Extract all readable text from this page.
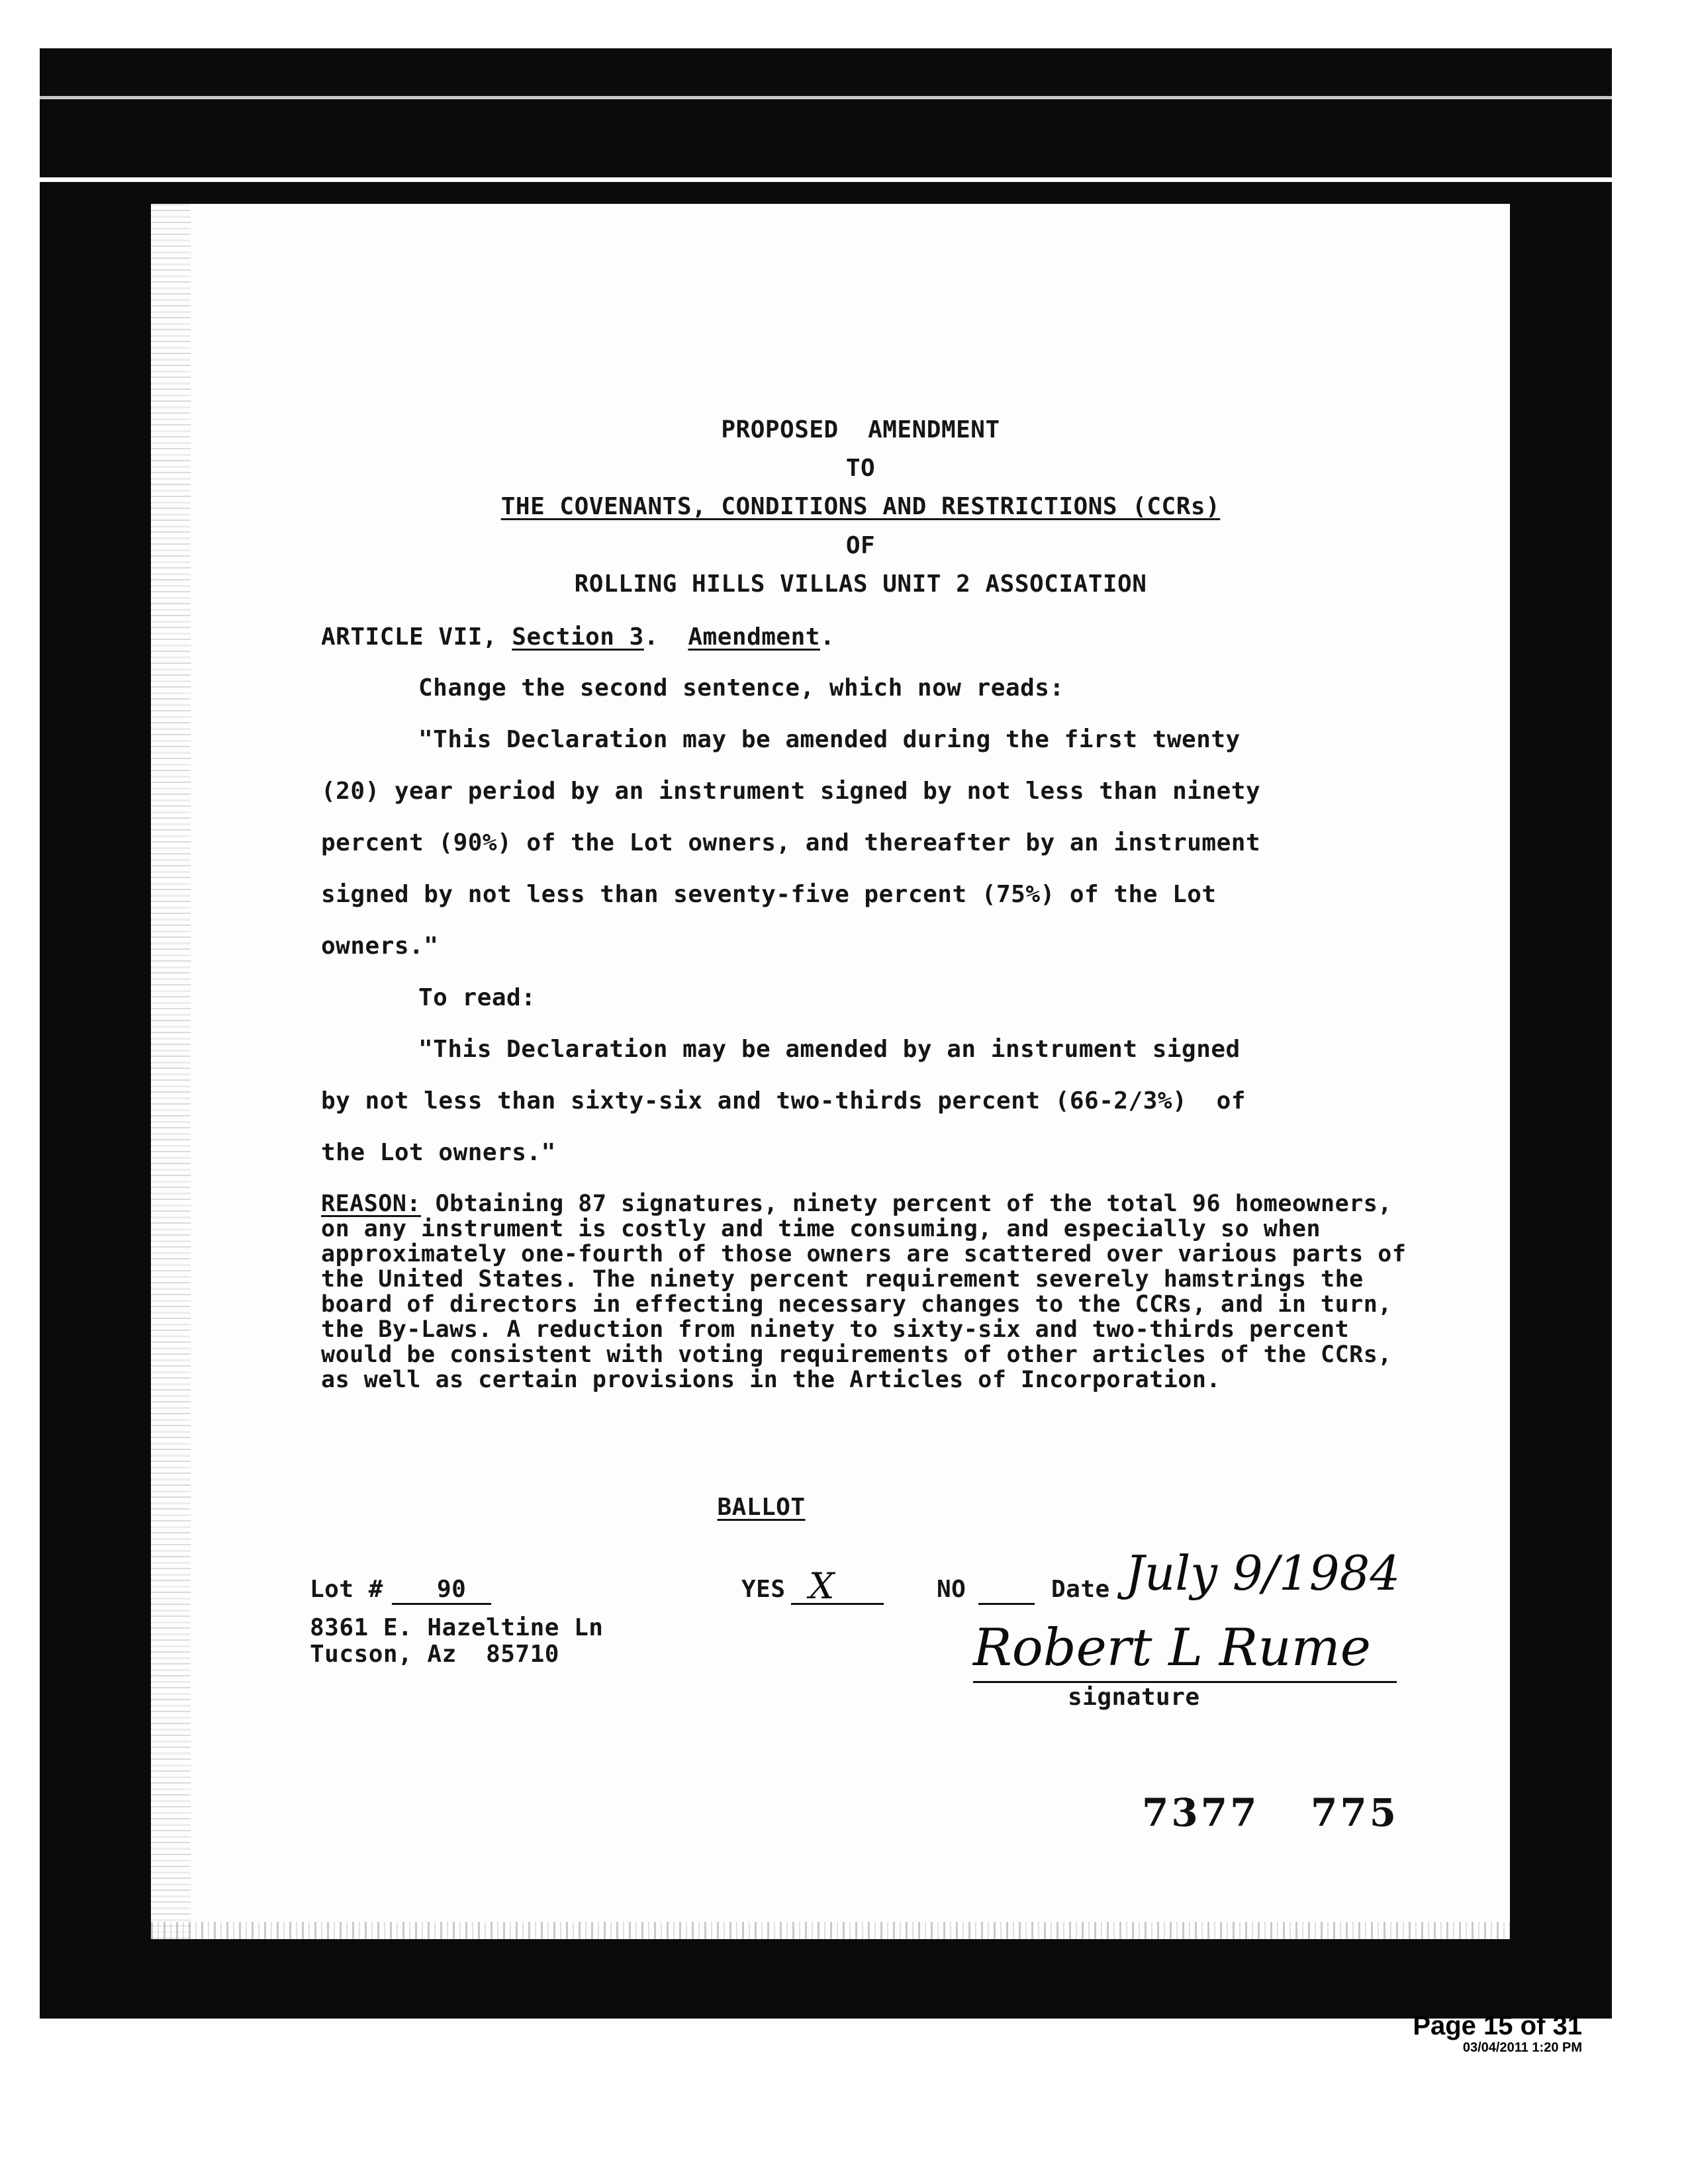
PROPOSED  AMENDMENT
TO
THE COVENANTS, CONDITIONS AND RESTRICTIONS (CCRs)
OF
ROLLING HILLS VILLAS UNIT 2 ASSOCIATION
ARTICLE VII, Section 3.  Amendment.
Change the second sentence, which now reads:
"This Declaration may be amended during the first twenty
(20) year period by an instrument signed by not less than ninety
percent (90%) of the Lot owners, and thereafter by an instrument
signed by not less than seventy-five percent (75%) of the Lot
owners."
To read:
"This Declaration may be amended by an instrument signed
by not less than sixty-six and two-thirds percent (66-2/3%)  of
the Lot owners."
REASON: Obtaining 87 signatures, ninety percent of the total 96 homeowners, on any instrument is costly and time consuming, and especially so when approximately one-fourth of those owners are scattered over various parts of the United States. The ninety percent requirement severely hamstrings the board of directors in effecting necessary changes to the CCRs, and in turn, the By-Laws. A reduction from ninety to sixty-six and two-thirds percent would be consistent with voting requirements of other articles of the CCRs, as well as certain provisions in the Articles of Incorporation.
BALLOT
Lot # 90
8361 E. Hazeltine Ln
Tucson, Az  85710
YES X	NO	Date July 9/1984
Robert L Rume
signature
7377 775
Page 15 of 31
03/04/2011 1:20 PM
